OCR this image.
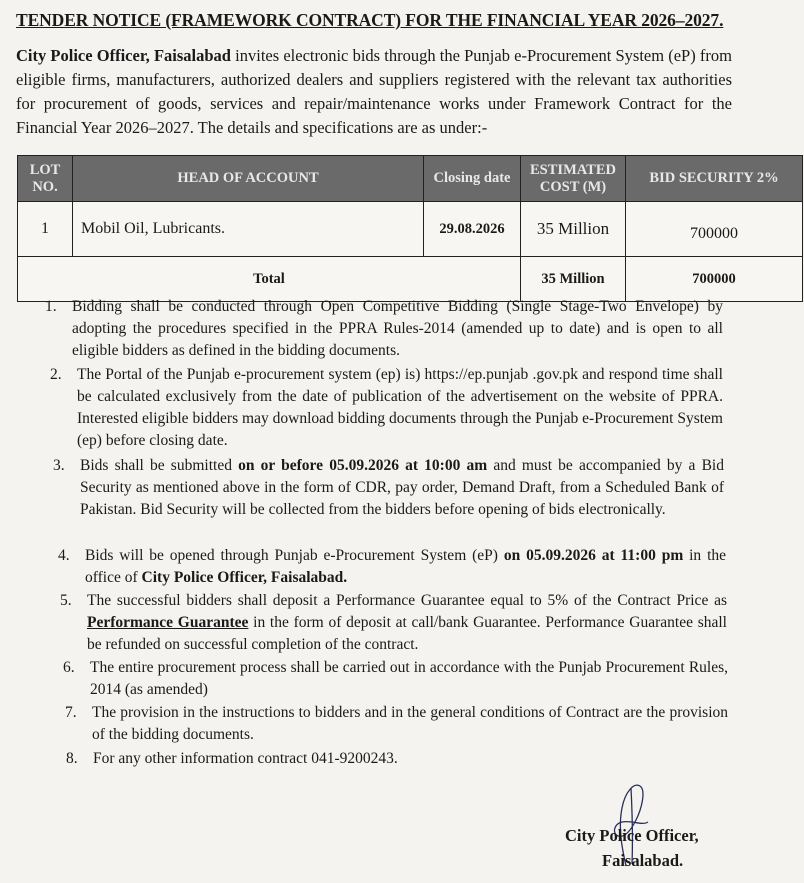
TENDER NOTICE (FRAMEWORK CONTRACT) FOR THE FINANCIAL YEAR 2026–2027.
City Police Officer, Faisalabad invites electronic bids through the Punjab e-Procurement System (eP) from eligible firms, manufacturers, authorized dealers and suppliers registered with the relevant tax authorities for procurement of goods, services and repair/maintenance works under Framework Contract for the Financial Year 2026–2027. The details and specifications are as under:-
LOT NO.	HEAD OF ACCOUNT	Closing date	ESTIMATED COST (M)	BID SECURITY 2%
1	Mobil Oil, Lubricants.	29.08.2026	35 Million	700000
Total			35 Million	700000
1. Bidding shall be conducted through Open Competitive Bidding (Single Stage-Two Envelope) by adopting the procedures specified in the PPRA Rules-2014 (amended up to date) and is open to all eligible bidders as defined in the bidding documents.
2. The Portal of the Punjab e-procurement system (ep) is) https://ep.punjab .gov.pk and respond time shall be calculated exclusively from the date of publication of the advertisement on the website of PPRA. Interested eligible bidders may download bidding documents through the Punjab e-Procurement System (ep) before closing date.
3. Bids shall be submitted on or before 05.09.2026 at 10:00 am and must be accompanied by a Bid Security as mentioned above in the form of CDR, pay order, Demand Draft, from a Scheduled Bank of Pakistan. Bid Security will be collected from the bidders before opening of bids electronically.
4. Bids will be opened through Punjab e-Procurement System (eP) on 05.09.2026 at 11:00 pm in the office of City Police Officer, Faisalabad.
5. The successful bidders shall deposit a Performance Guarantee equal to 5% of the Contract Price as Performance Guarantee in the form of deposit at call/bank Guarantee. Performance Guarantee shall be refunded on successful completion of the contract.
6. The entire procurement process shall be carried out in accordance with the Punjab Procurement Rules, 2014 (as amended)
7. The provision in the instructions to bidders and in the general conditions of Contract are the provision of the bidding documents.
8. For any other information contract 041-9200243.
City Police Officer,
Faisalabad.
